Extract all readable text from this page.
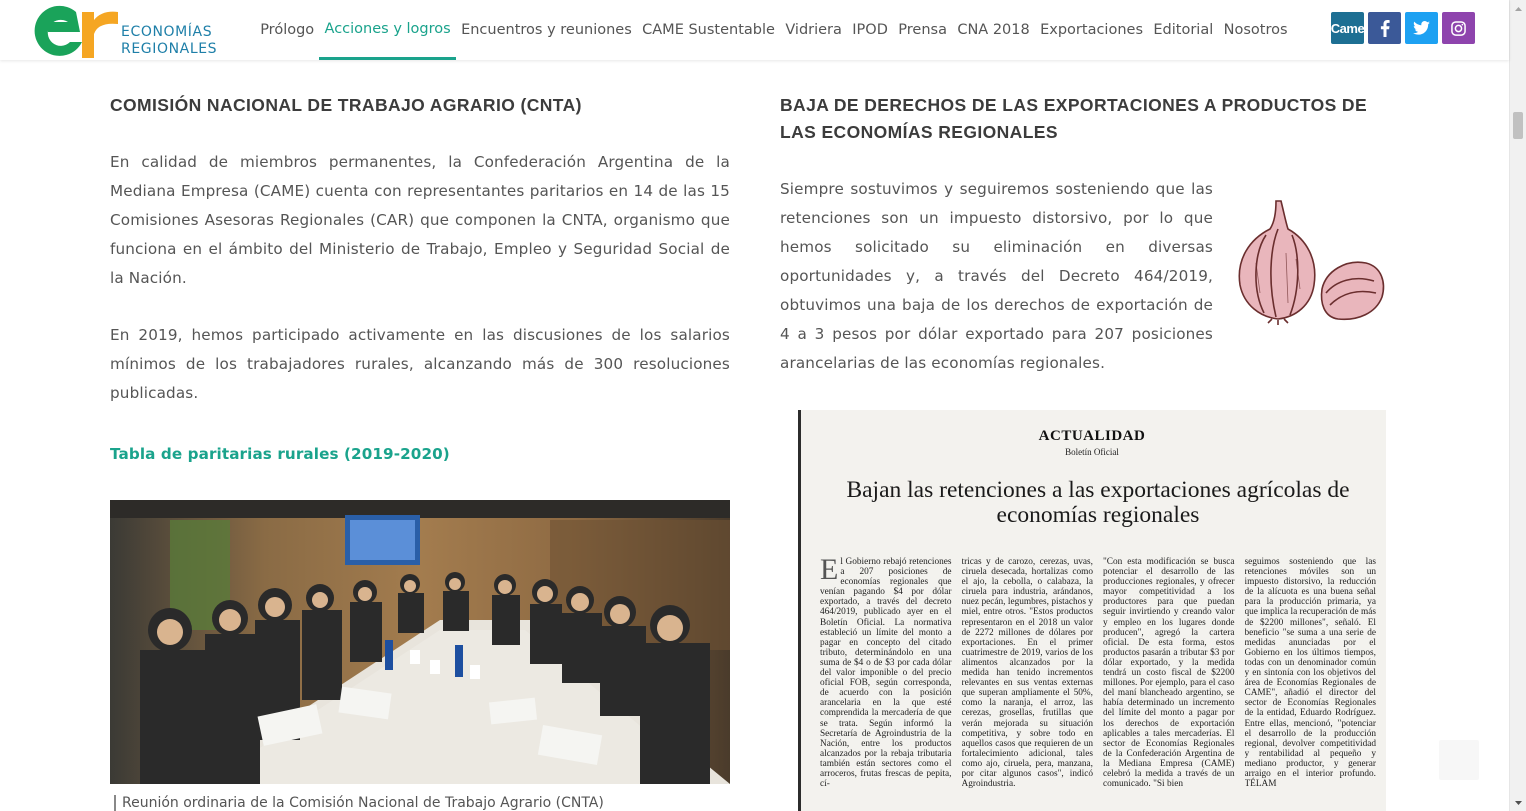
ECONOMÍAS
REGIONALES
Prólogo Acciones y logros Encuentros y reuniones CAME Sustentable Vidriera IPOD Prensa CNA 2018 Exportaciones Editorial Nosotros	Came
COMISIÓN NACIONAL DE TRABAJO AGRARIO (CNTA)

En calidad de miembros permanentes, la Confederación Argentina de la Mediana Empresa (CAME) cuenta con representantes paritarios en 14 de las 15 Comisiones Asesoras Regionales (CAR) que componen la CNTA, organismo que funciona en el ámbito del Ministerio de Trabajo, Empleo y Seguridad Social de la Nación.

En 2019, hemos participado activamente en las discusiones de los salarios mínimos de los trabajadores rurales, alcanzando más de 300 resoluciones publicadas.

Tabla de paritarias rurales (2019-2020)
Reunión ordinaria de la Comisión Nacional de Trabajo Agrario (CNTA)
BAJA DE DERECHOS DE LAS EXPORTACIONES A PRODUCTOS DE LAS ECONOMÍAS REGIONALES

Siempre sostuvimos y seguiremos sosteniendo que las retenciones son un impuesto distorsivo, por lo que hemos solicitado su eliminación en diversas oportunidades y, a través del Decreto 464/2019, obtuvimos una baja de los derechos de exportación de 4 a 3 pesos por dólar exportado para 207 posiciones arancelarias de las economías regionales.

ACTUALIDAD
Boletín Oficial
Bajan las retenciones a las exportaciones agrícolas de economías regionales
El Gobierno rebajó retenciones a 207 posiciones de economías regionales que venían pagando $4 por dólar exportado, a través del decreto 464/2019, publicado ayer en el Boletín Oficial. La normativa estableció un límite del monto a pagar en concepto del citado tributo, determinándolo en una suma de $4 o de $3 por cada dólar del valor imponible o del precio oficial FOB, según corresponda, de acuerdo con la posición arancelaria en la que esté comprendida la mercadería de que se trata. Según informó la Secretaría de Agroindustria de la Nación, entre los productos alcanzados por la rebaja tributaria también están sectores como el arroceros, frutas frescas de pepita, cí-
tricas y de carozo, cerezas, uvas, ciruela desecada, hortalizas como el ajo, la cebolla, o calabaza, la ciruela para industria, arándanos, nuez pecán, legumbres, pistachos y miel, entre otros. "Estos productos representaron en el 2018 un valor de 2272 millones de dólares por exportaciones. En el primer cuatrimestre de 2019, varios de los alimentos alcanzados por la medida han tenido incrementos relevantes en sus ventas externas que superan ampliamente el 50%, como la naranja, el arroz, las cerezas, grosellas, frutillas que verán mejorada su situación competitiva, y sobre todo en aquellos casos que requieren de un fortalecimiento adicional, tales como ajo, ciruela, pera, manzana, por citar algunos casos", indicó Agroindustria.
"Con esta modificación se busca potenciar el desarrollo de las producciones regionales, y ofrecer mayor competitividad a los productores para que puedan seguir invirtiendo y creando valor y empleo en los lugares donde producen", agregó la cartera oficial. De esta forma, estos productos pasarán a tributar $3 por dólar exportado, y la medida tendrá un costo fiscal de $2200 millones. Por ejemplo, para el caso del maní blancheado argentino, se había determinado un incremento del límite del monto a pagar por los derechos de exportación aplicables a tales mercaderías. El sector de Economías Regionales de la Confederación Argentina de la Mediana Empresa (CAME) celebró la medida a través de un comunicado. "Si bien
seguimos sosteniendo que las retenciones móviles son un impuesto distorsivo, la reducción de la alícuota es una buena señal para la producción primaria, ya que implica la recuperación de más de $2200 millones", señaló. El beneficio "se suma a una serie de medidas anunciadas por el Gobierno en los últimos tiempos, todas con un denominador común y en sintonía con los objetivos del área de Economías Regionales de CAME", añadió el director del sector de Economías Regionales de la entidad, Eduardo Rodríguez. Entre ellas, mencionó, "potenciar el desarrollo de la producción regional, devolver competitividad y rentabilidad al pequeño y mediano productor, y generar arraigo en el interior profundo. TÉLAM
